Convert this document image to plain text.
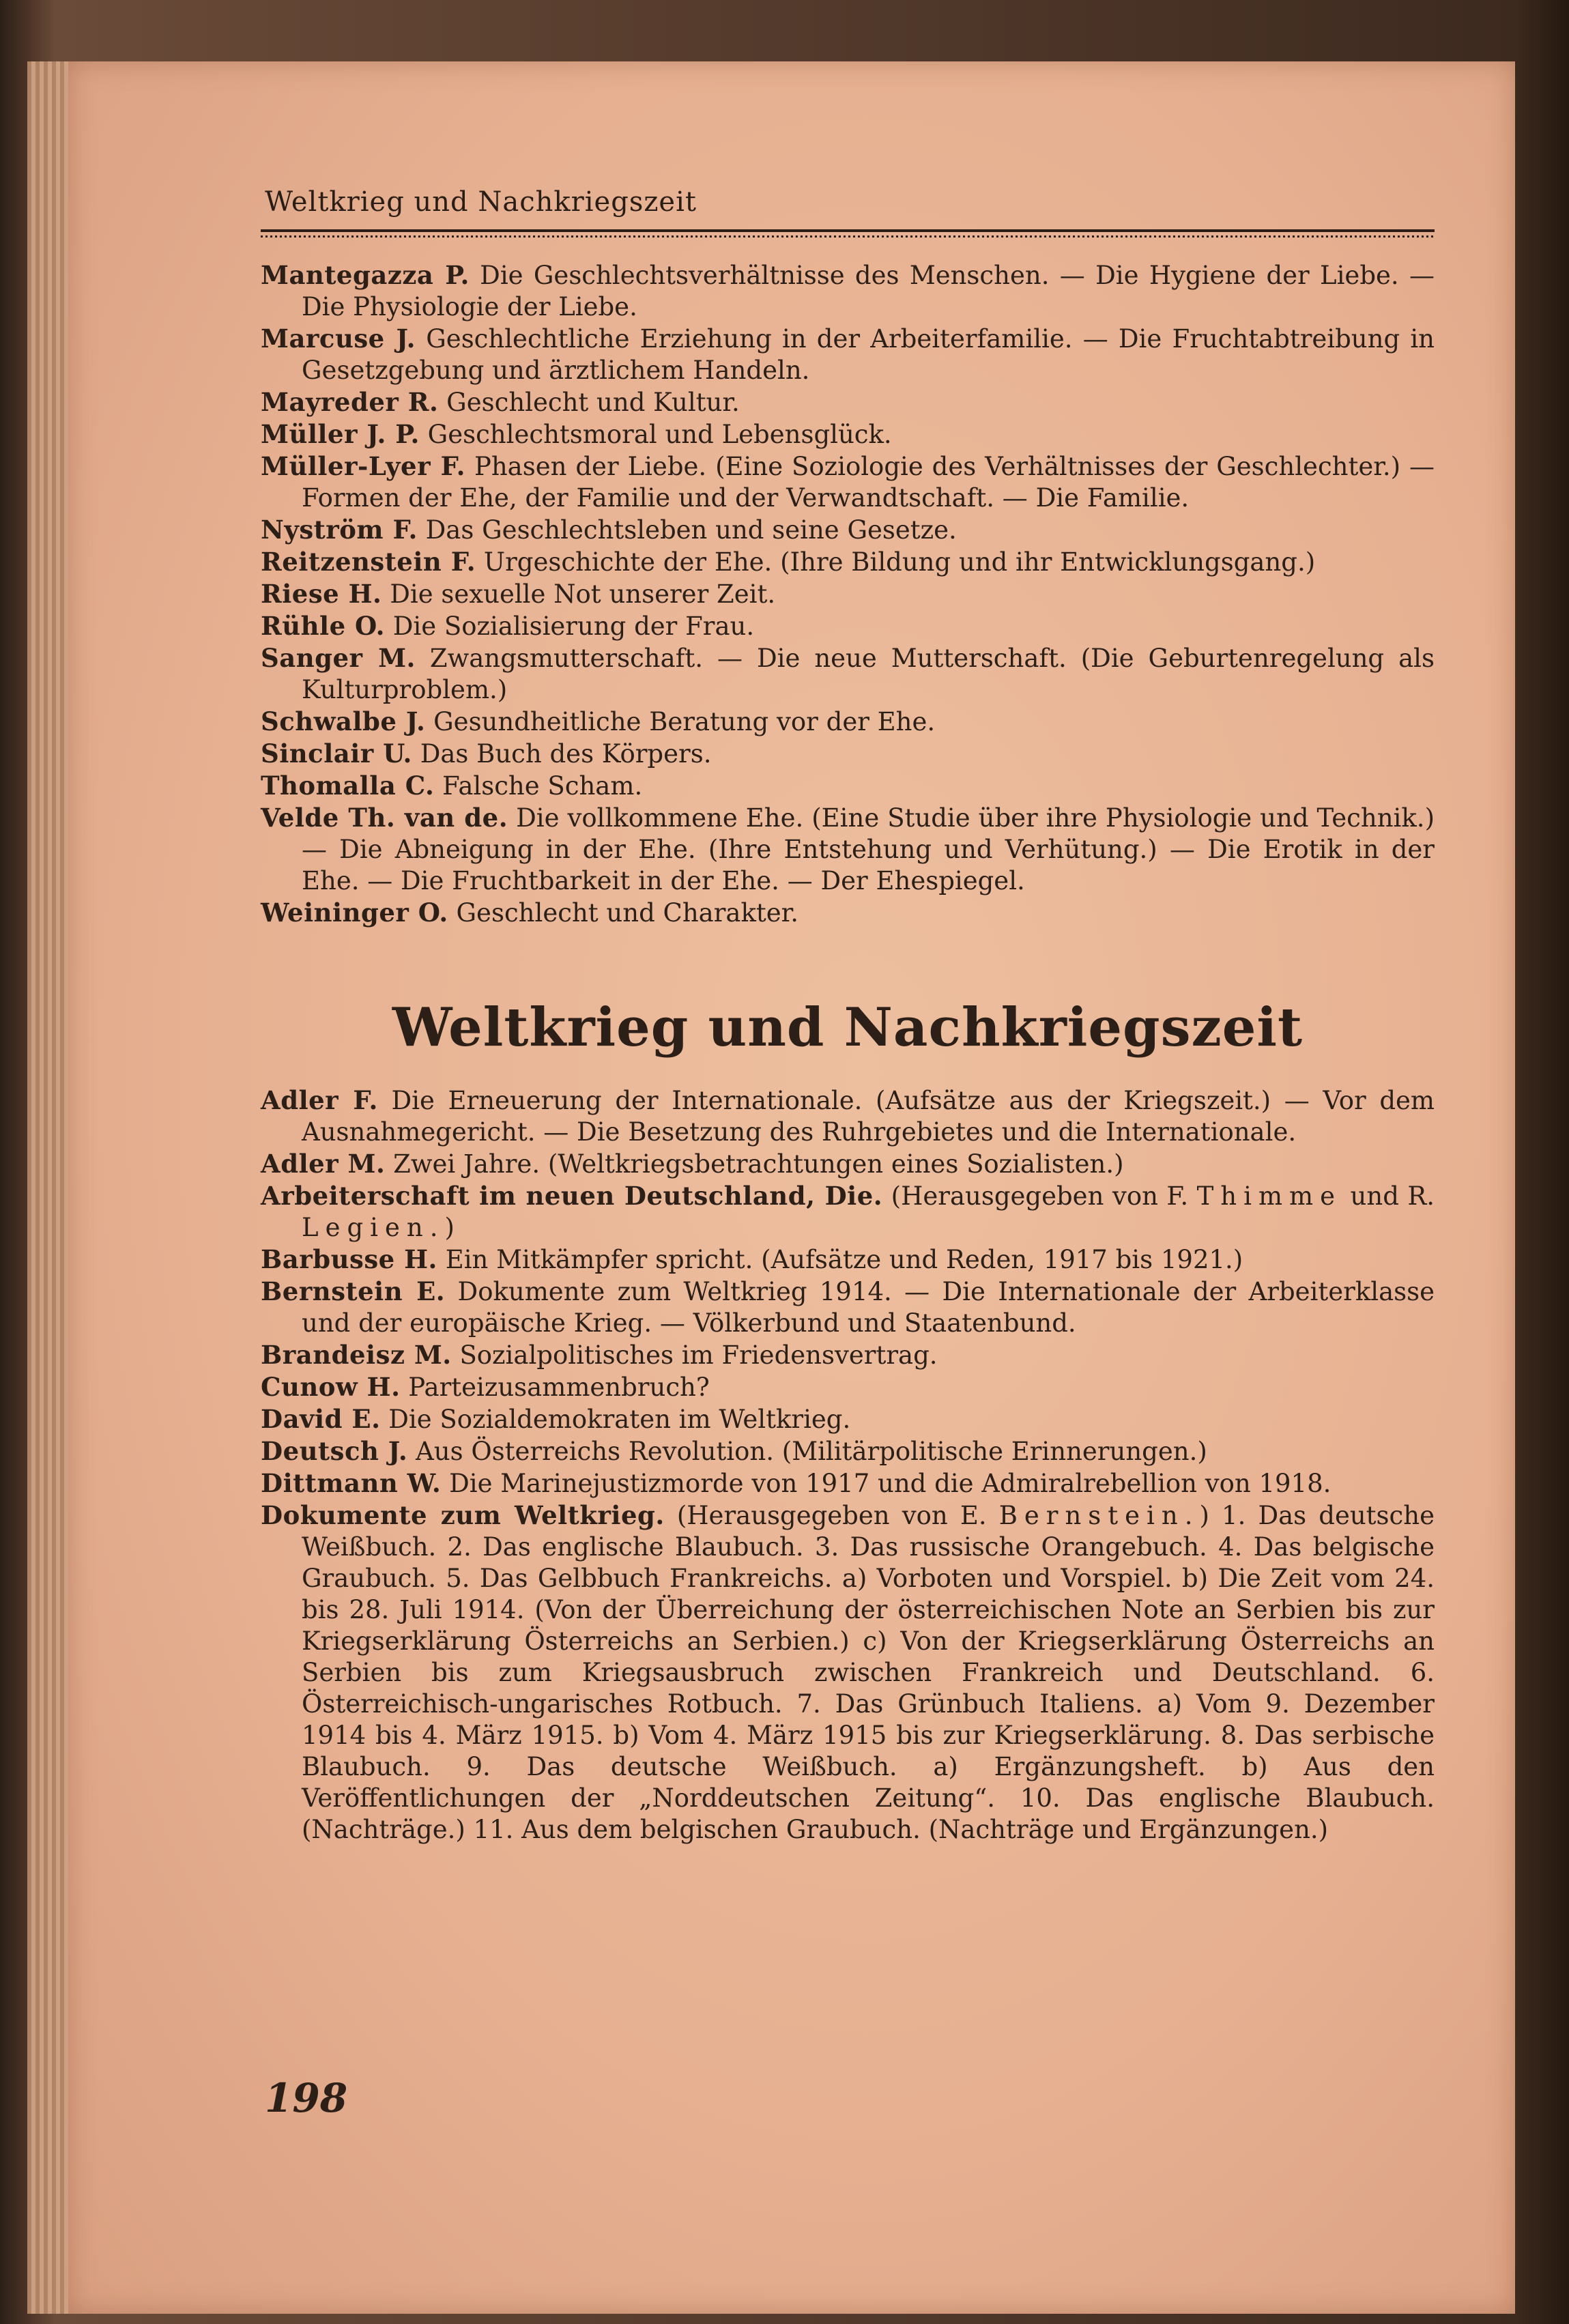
Weltkrieg und Nachkriegszeit

Mantegazza P. Die Geschlechtsverhältnisse des Menschen. — Die Hygiene der Liebe. — Die Physiologie der Liebe.

Marcuse J. Geschlechtliche Erziehung in der Arbeiterfamilie. — Die Fruchtabtreibung in Gesetzgebung und ärztlichem Handeln.

Mayreder R. Geschlecht und Kultur.

Müller J. P. Geschlechtsmoral und Lebensglück.

Müller-Lyer F. Phasen der Liebe. (Eine Soziologie des Verhältnisses der Geschlechter.) — Formen der Ehe, der Familie und der Verwandtschaft. — Die Familie.

Nyström F. Das Geschlechtsleben und seine Gesetze.

Reitzenstein F. Urgeschichte der Ehe. (Ihre Bildung und ihr Entwicklungsgang.)

Riese H. Die sexuelle Not unserer Zeit.

Rühle O. Die Sozialisierung der Frau.

Sanger M. Zwangsmutterschaft. — Die neue Mutterschaft. (Die Geburtenregelung als Kulturproblem.)

Schwalbe J. Gesundheitliche Beratung vor der Ehe.

Sinclair U. Das Buch des Körpers.

Thomalla C. Falsche Scham.

Velde Th. van de. Die vollkommene Ehe. (Eine Studie über ihre Physiologie und Technik.) — Die Abneigung in der Ehe. (Ihre Entstehung und Verhütung.) — Die Erotik in der Ehe. — Die Fruchtbarkeit in der Ehe. — Der Ehespiegel.

Weininger O. Geschlecht und Charakter.

Weltkrieg und Nachkriegszeit

Adler F. Die Erneuerung der Internationale. (Aufsätze aus der Kriegszeit.) — Vor dem Ausnahmegericht. — Die Besetzung des Ruhrgebietes und die Internationale.

Adler M. Zwei Jahre. (Weltkriegsbetrachtungen eines Sozialisten.)

Arbeiterschaft im neuen Deutschland, Die. (Herausgegeben von F. Thimme und R. Legien.)

Barbusse H. Ein Mitkämpfer spricht. (Aufsätze und Reden, 1917 bis 1921.)

Bernstein E. Dokumente zum Weltkrieg 1914. — Die Internationale der Arbeiterklasse und der europäische Krieg. — Völkerbund und Staatenbund.

Brandeisz M. Sozialpolitisches im Friedensvertrag.

Cunow H. Parteizusammenbruch?

David E. Die Sozialdemokraten im Weltkrieg.

Deutsch J. Aus Österreichs Revolution. (Militärpolitische Erinnerungen.)

Dittmann W. Die Marinejustizmorde von 1917 und die Admiralrebellion von 1918.

Dokumente zum Weltkrieg. (Herausgegeben von E. Bernstein.) 1. Das deutsche Weißbuch. 2. Das englische Blaubuch. 3. Das russische Orangebuch. 4. Das belgische Graubuch. 5. Das Gelbbuch Frankreichs. a) Vorboten und Vorspiel. b) Die Zeit vom 24. bis 28. Juli 1914. (Von der Überreichung der österreichischen Note an Serbien bis zur Kriegserklärung Österreichs an Serbien.) c) Von der Kriegserklärung Österreichs an Serbien bis zum Kriegsausbruch zwischen Frankreich und Deutschland. 6. Österreichisch-ungarisches Rotbuch. 7. Das Grünbuch Italiens. a) Vom 9. Dezember 1914 bis 4. März 1915. b) Vom 4. März 1915 bis zur Kriegserklärung. 8. Das serbische Blaubuch. 9. Das deutsche Weißbuch. a) Ergänzungsheft. b) Aus den Veröffentlichungen der „Norddeutschen Zeitung“. 10. Das englische Blaubuch. (Nachträge.) 11. Aus dem belgischen Graubuch. (Nachträge und Ergänzungen.)

198
